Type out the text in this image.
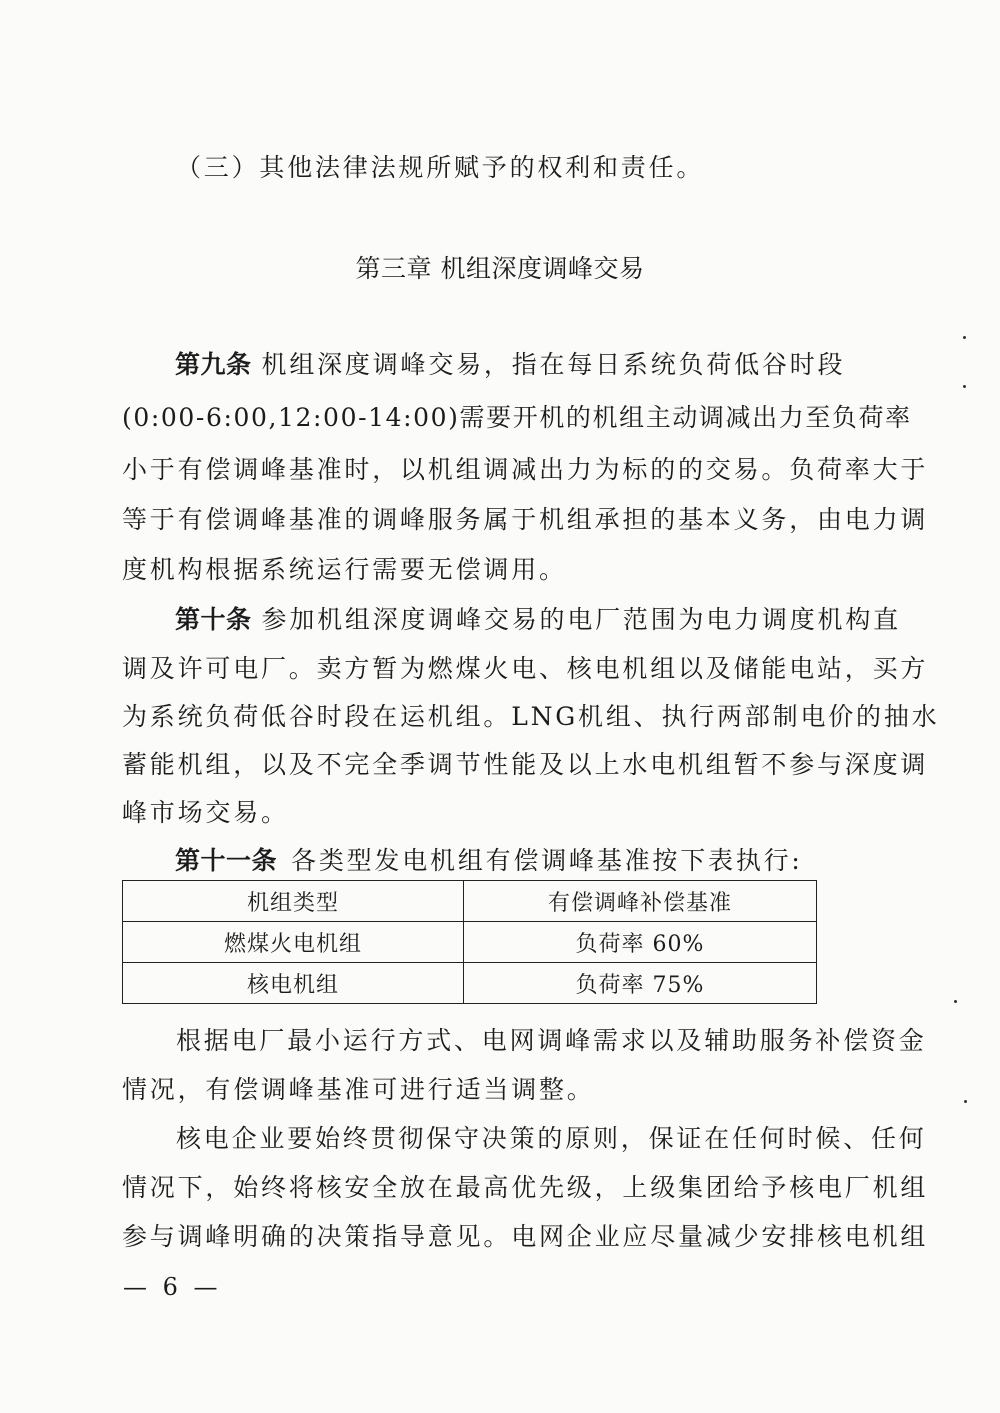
（三）其他法律法规所赋予的权利和责任。
第三章 机组深度调峰交易
第九条 机组深度调峰交易，指在每日系统负荷低谷时段
(0:00-6:00,12:00-14:00)需要开机的机组主动调减出力至负荷率
小于有偿调峰基准时，以机组调减出力为标的的交易。负荷率大于
等于有偿调峰基准的调峰服务属于机组承担的基本义务，由电力调
度机构根据系统运行需要无偿调用。
第十条 参加机组深度调峰交易的电厂范围为电力调度机构直
调及许可电厂。卖方暂为燃煤火电、核电机组以及储能电站，买方
为系统负荷低谷时段在运机组。LNG机组、执行两部制电价的抽水
蓄能机组，以及不完全季调节性能及以上水电机组暂不参与深度调
峰市场交易。
第十一条 各类型发电机组有偿调峰基准按下表执行:
机组类型	有偿调峰补偿基准
燃煤火电机组	负荷率 60%
核电机组	负荷率 75%
根据电厂最小运行方式、电网调峰需求以及辅助服务补偿资金
情况，有偿调峰基准可进行适当调整。
核电企业要始终贯彻保守决策的原则，保证在任何时候、任何
情况下，始终将核安全放在最高优先级，上级集团给予核电厂机组
参与调峰明确的决策指导意见。电网企业应尽量减少安排核电机组
— 6 —
